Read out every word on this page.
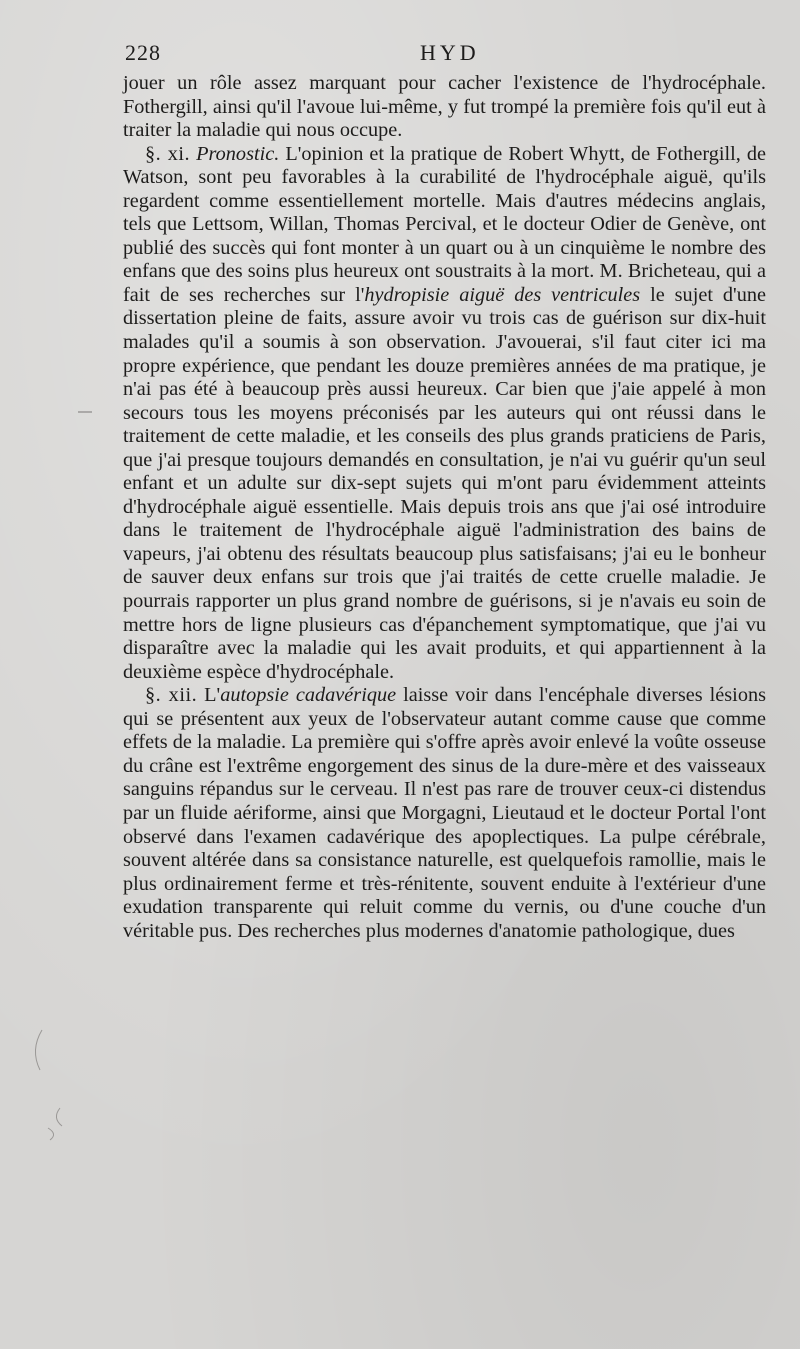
228	HYD

jouer un rôle assez marquant pour cacher l'existence de l'hydrocéphale. Fothergill, ainsi qu'il l'avoue lui-même, y fut trompé la première fois qu'il eut à traiter la maladie qui nous occupe.

§. xi. Pronostic. L'opinion et la pratique de Robert Whytt, de Fothergill, de Watson, sont peu favorables à la curabilité de l'hydrocéphale aiguë, qu'ils regardent comme essentiellement mortelle. Mais d'autres médecins anglais, tels que Lettsom, Willan, Thomas Percival, et le docteur Odier de Genève, ont publié des succès qui font monter à un quart ou à un cinquième le nombre des enfans que des soins plus heureux ont soustraits à la mort. M. Bricheteau, qui a fait de ses recherches sur l'hydropisie aiguë des ventricules le sujet d'une dissertation pleine de faits, assure avoir vu trois cas de guérison sur dix-huit malades qu'il a soumis à son observation. J'avouerai, s'il faut citer ici ma propre expérience, que pendant les douze premières années de ma pratique, je n'ai pas été à beaucoup près aussi heureux. Car bien que j'aie appelé à mon secours tous les moyens préconisés par les auteurs qui ont réussi dans le traitement de cette maladie, et les conseils des plus grands praticiens de Paris, que j'ai presque toujours demandés en consultation, je n'ai vu guérir qu'un seul enfant et un adulte sur dix-sept sujets qui m'ont paru évidemment atteints d'hydrocéphale aiguë essentielle. Mais depuis trois ans que j'ai osé introduire dans le traitement de l'hydrocéphale aiguë l'administration des bains de vapeurs, j'ai obtenu des résultats beaucoup plus satisfaisans; j'ai eu le bonheur de sauver deux enfans sur trois que j'ai traités de cette cruelle maladie. Je pourrais rapporter un plus grand nombre de guérisons, si je n'avais eu soin de mettre hors de ligne plusieurs cas d'épanchement symptomatique, que j'ai vu disparaître avec la maladie qui les avait produits, et qui appartiennent à la deuxième espèce d'hydrocéphale.

§. xii. L'autopsie cadavérique laisse voir dans l'encéphale diverses lésions qui se présentent aux yeux de l'observateur autant comme cause que comme effets de la maladie. La première qui s'offre après avoir enlevé la voûte osseuse du crâne est l'extrême engorgement des sinus de la dure-mère et des vaisseaux sanguins répandus sur le cerveau. Il n'est pas rare de trouver ceux-ci distendus par un fluide aériforme, ainsi que Morgagni, Lieutaud et le docteur Portal l'ont observé dans l'examen cadavérique des apoplectiques. La pulpe cérébrale, souvent altérée dans sa consistance naturelle, est quelquefois ramollie, mais le plus ordinairement ferme et très-rénitente, souvent enduite à l'extérieur d'une exudation transparente qui reluit comme du vernis, ou d'une couche d'un véritable pus. Des recherches plus modernes d'anatomie pathologique, dues
